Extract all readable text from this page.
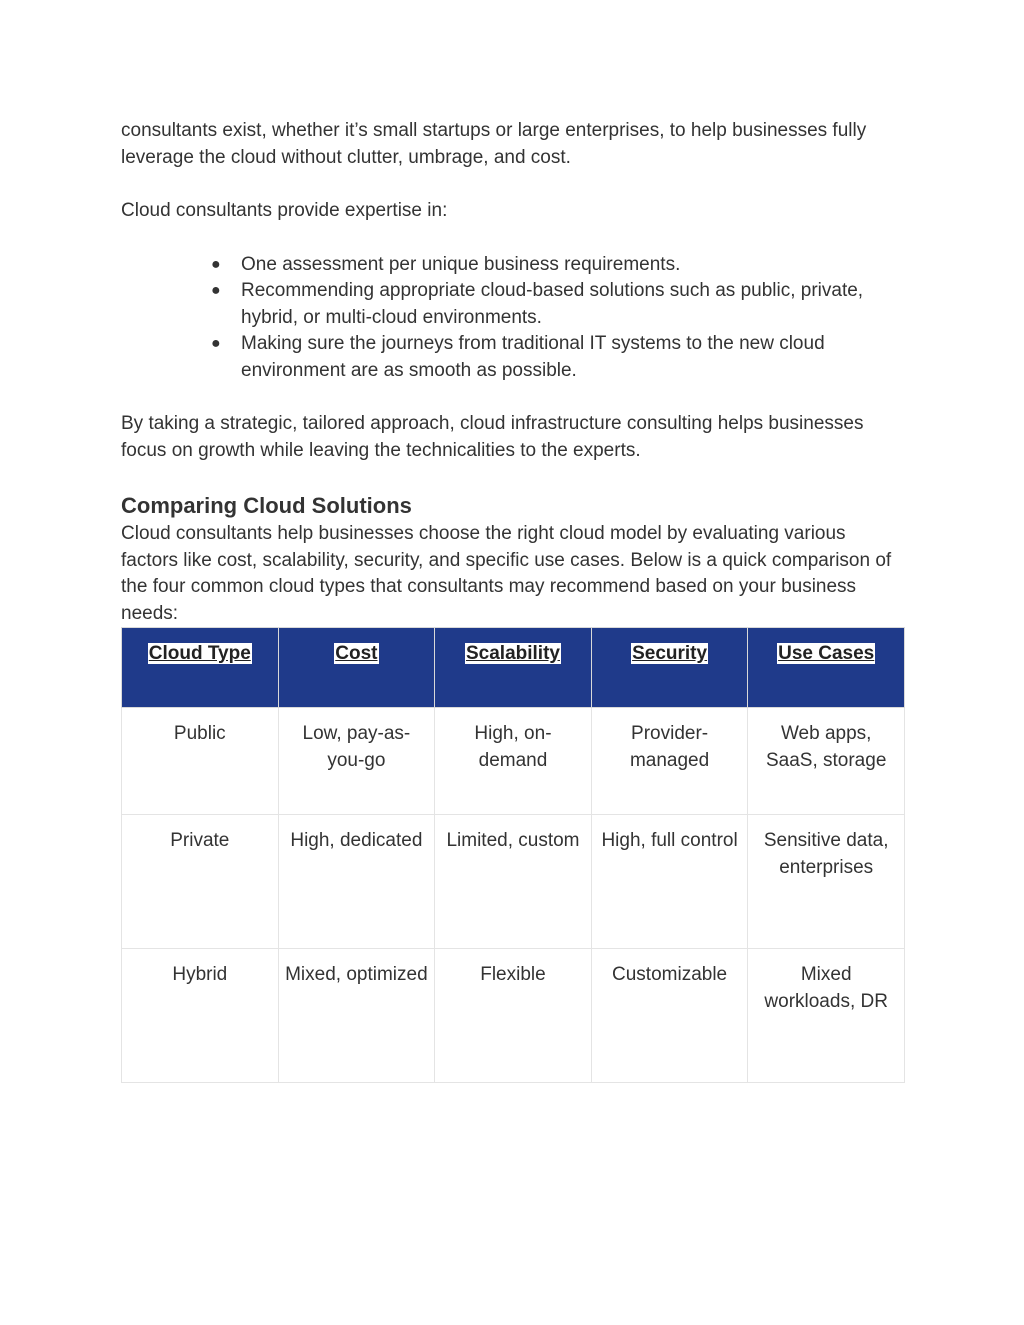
consultants exist, whether it’s small startups or large enterprises, to help businesses fully leverage the cloud without clutter, umbrage, and cost.

Cloud consultants provide expertise in:

● One assessment per unique business requirements.
● Recommending appropriate cloud-based solutions such as public, private, hybrid, or multi-cloud environments.
● Making sure the journeys from traditional IT systems to the new cloud environment are as smooth as possible.

By taking a strategic, tailored approach, cloud infrastructure consulting helps businesses focus on growth while leaving the technicalities to the experts.

Comparing Cloud Solutions

Cloud consultants help businesses choose the right cloud model by evaluating various factors like cost, scalability, security, and specific use cases. Below is a quick comparison of the four common cloud types that consultants may recommend based on your business needs:

Cloud Type	Cost	Scalability	Security	Use Cases
Public	Low, pay-as-you-go	High, on-demand	Provider-managed	Web apps, SaaS, storage
Private	High, dedicated	Limited, custom	High, full control	Sensitive data, enterprises
Hybrid	Mixed, optimized	Flexible	Customizable	Mixed workloads, DR
